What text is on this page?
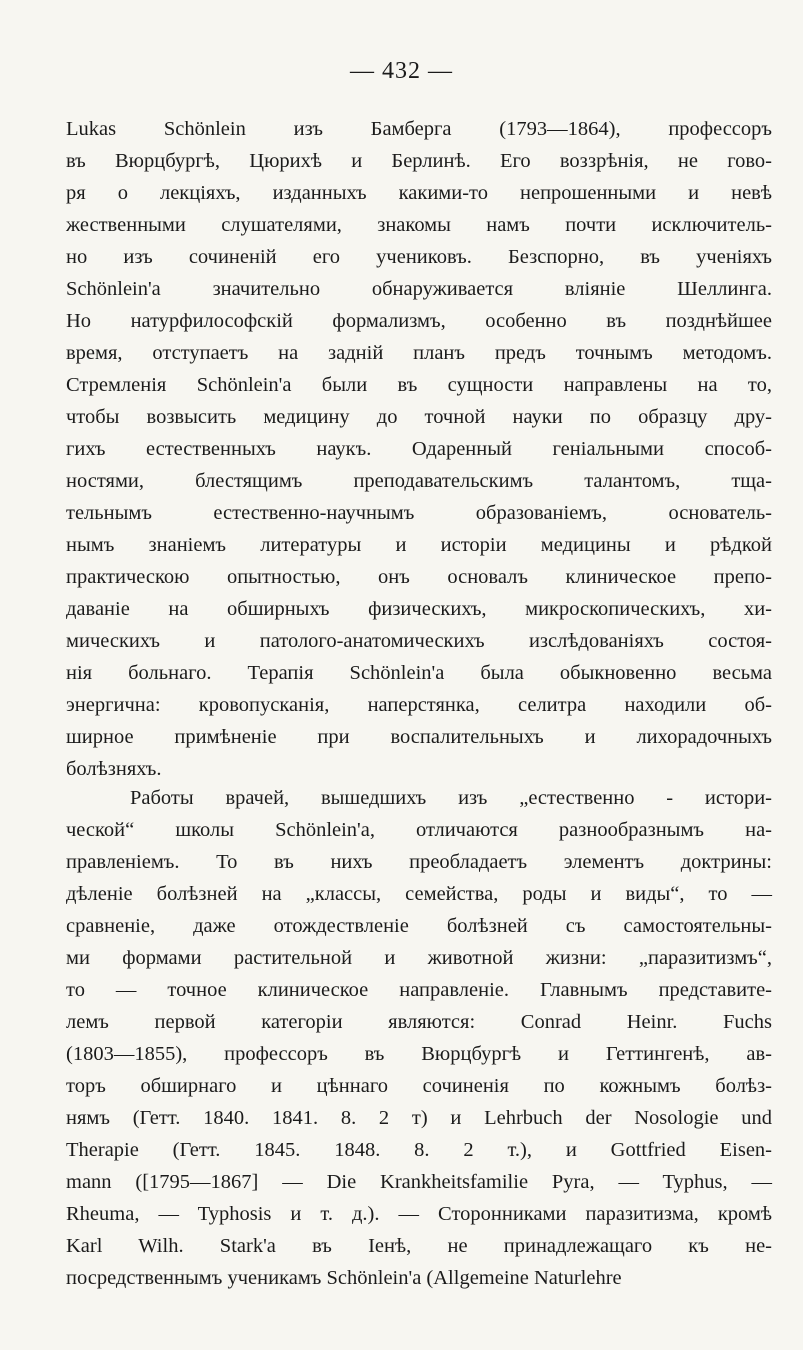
— 432 —
Lukas Schönlein изъ Бамберга (1793—1864), профессоръ
въ Вюрцбургѣ, Цюрихѣ и Берлинѣ. Его воззрѣнія, не гово-
ря о лекціяхъ, изданныхъ какими-то непрошенными и невѣ
жественными слушателями, знакомы намъ почти исключитель-
но изъ сочиненій его учениковъ. Безспорно, въ ученіяхъ
Schönlein'а значительно обнаруживается вліяніе Шеллинга.
Но натурфилософскій формализмъ, особенно въ позднѣйшее
время, отступаетъ на заднiй планъ предъ точнымъ методомъ.
Стремленія Schönlein'а были въ сущности направлены на то,
чтобы возвысить медицину до точной науки по образцу дру-
гихъ естественныхъ наукъ. Одаренный геніальными способ-
ностями, блестящимъ преподавательскимъ талантомъ, тща-
тельнымъ естественно-научнымъ образованіемъ, основатель-
нымъ знаніемъ литературы и исторіи медицины и рѣдкой
практическою опытностью, онъ основалъ клиническое препо-
даваніе на обширныхъ физическихъ, микроскопическихъ, хи-
мическихъ и патолого-анатомическихъ изслѣдованіяхъ состоя-
нія больнаго. Терапія Schönlein'а была обыкновенно весьма
энергична: кровопусканія, наперстянка, селитра находили об-
ширное примѣненіе при воспалительныхъ и лихорадочныхъ
болѣзняхъ.
Работы врачей, вышедшихъ изъ „естественно - истори-
ческой“ школы Schönlein'а, отличаются разнообразнымъ на-
правленіемъ. То въ нихъ преобладаетъ элементъ доктрины:
дѣленіе болѣзней на „классы, семейства, роды и виды“, то —
сравненіе, даже отождествленіе болѣзней съ самостоятельны-
ми формами растительной и животной жизни: „паразитизмъ“,
то — точное клиническое направленіе. Главнымъ представите-
лемъ первой категоріи являются: Conrad Heinr. Fuchs
(1803—1855), профессоръ въ Вюрцбургѣ и Геттингенѣ, ав-
торъ обширнаго и цѣннаго сочиненія по кожнымъ болѣз-
нямъ (Гетт. 1840. 1841. 8. 2 т) и Lehrbuch der Nosologie und
Therapie (Гетт. 1845. 1848. 8. 2 т.), и Gottfried Eisen-
mann ([1795—1867] — Die Krankheitsfamilie Pyra, — Typhus, —
Rheuma, — Typhosis и т. д.). — Сторонниками паразитизма, кромѣ
Karl Wilh. Stark'а въ Іенѣ, не принадлежащаго къ не-
посредственнымъ ученикамъ Schönlein'а (Allgemeine Naturlehre
